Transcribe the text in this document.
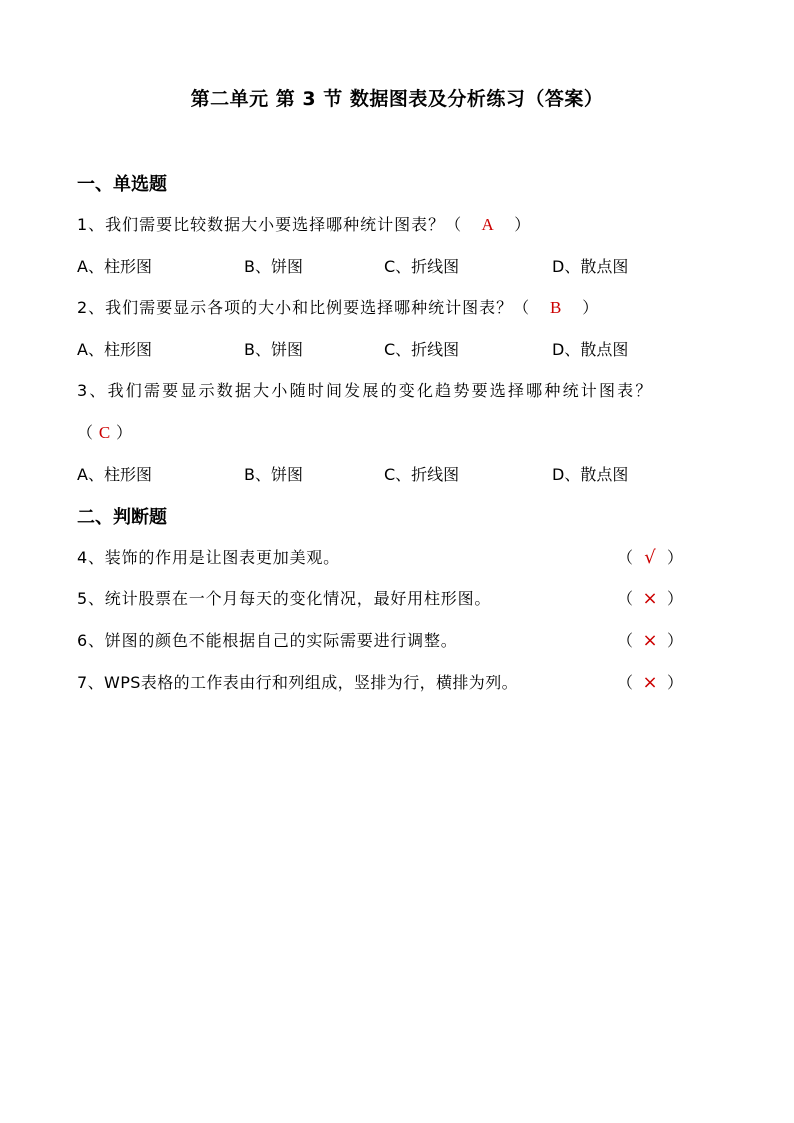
第二单元 第 3 节 数据图表及分析练习（答案）
一、单选题
1、我们需要比较数据大小要选择哪种统计图表？（ A ）
A、柱形图	B、饼图	C、折线图	D、散点图
2、我们需要显示各项的大小和比例要选择哪种统计图表？（ B ）
A、柱形图	B、饼图	C、折线图	D、散点图
3、我们需要显示数据大小随时间发展的变化趋势要选择哪种统计图表？
（ C ）
A、柱形图	B、饼图	C、折线图	D、散点图
二、判断题
4、装饰的作用是让图表更加美观。	（ √ ）
5、统计股票在一个月每天的变化情况，最好用柱形图。	（ × ）
6、饼图的颜色不能根据自己的实际需要进行调整。	（ × ）
7、WPS表格的工作表由行和列组成，竖排为行，横排为列。	（ × ）
